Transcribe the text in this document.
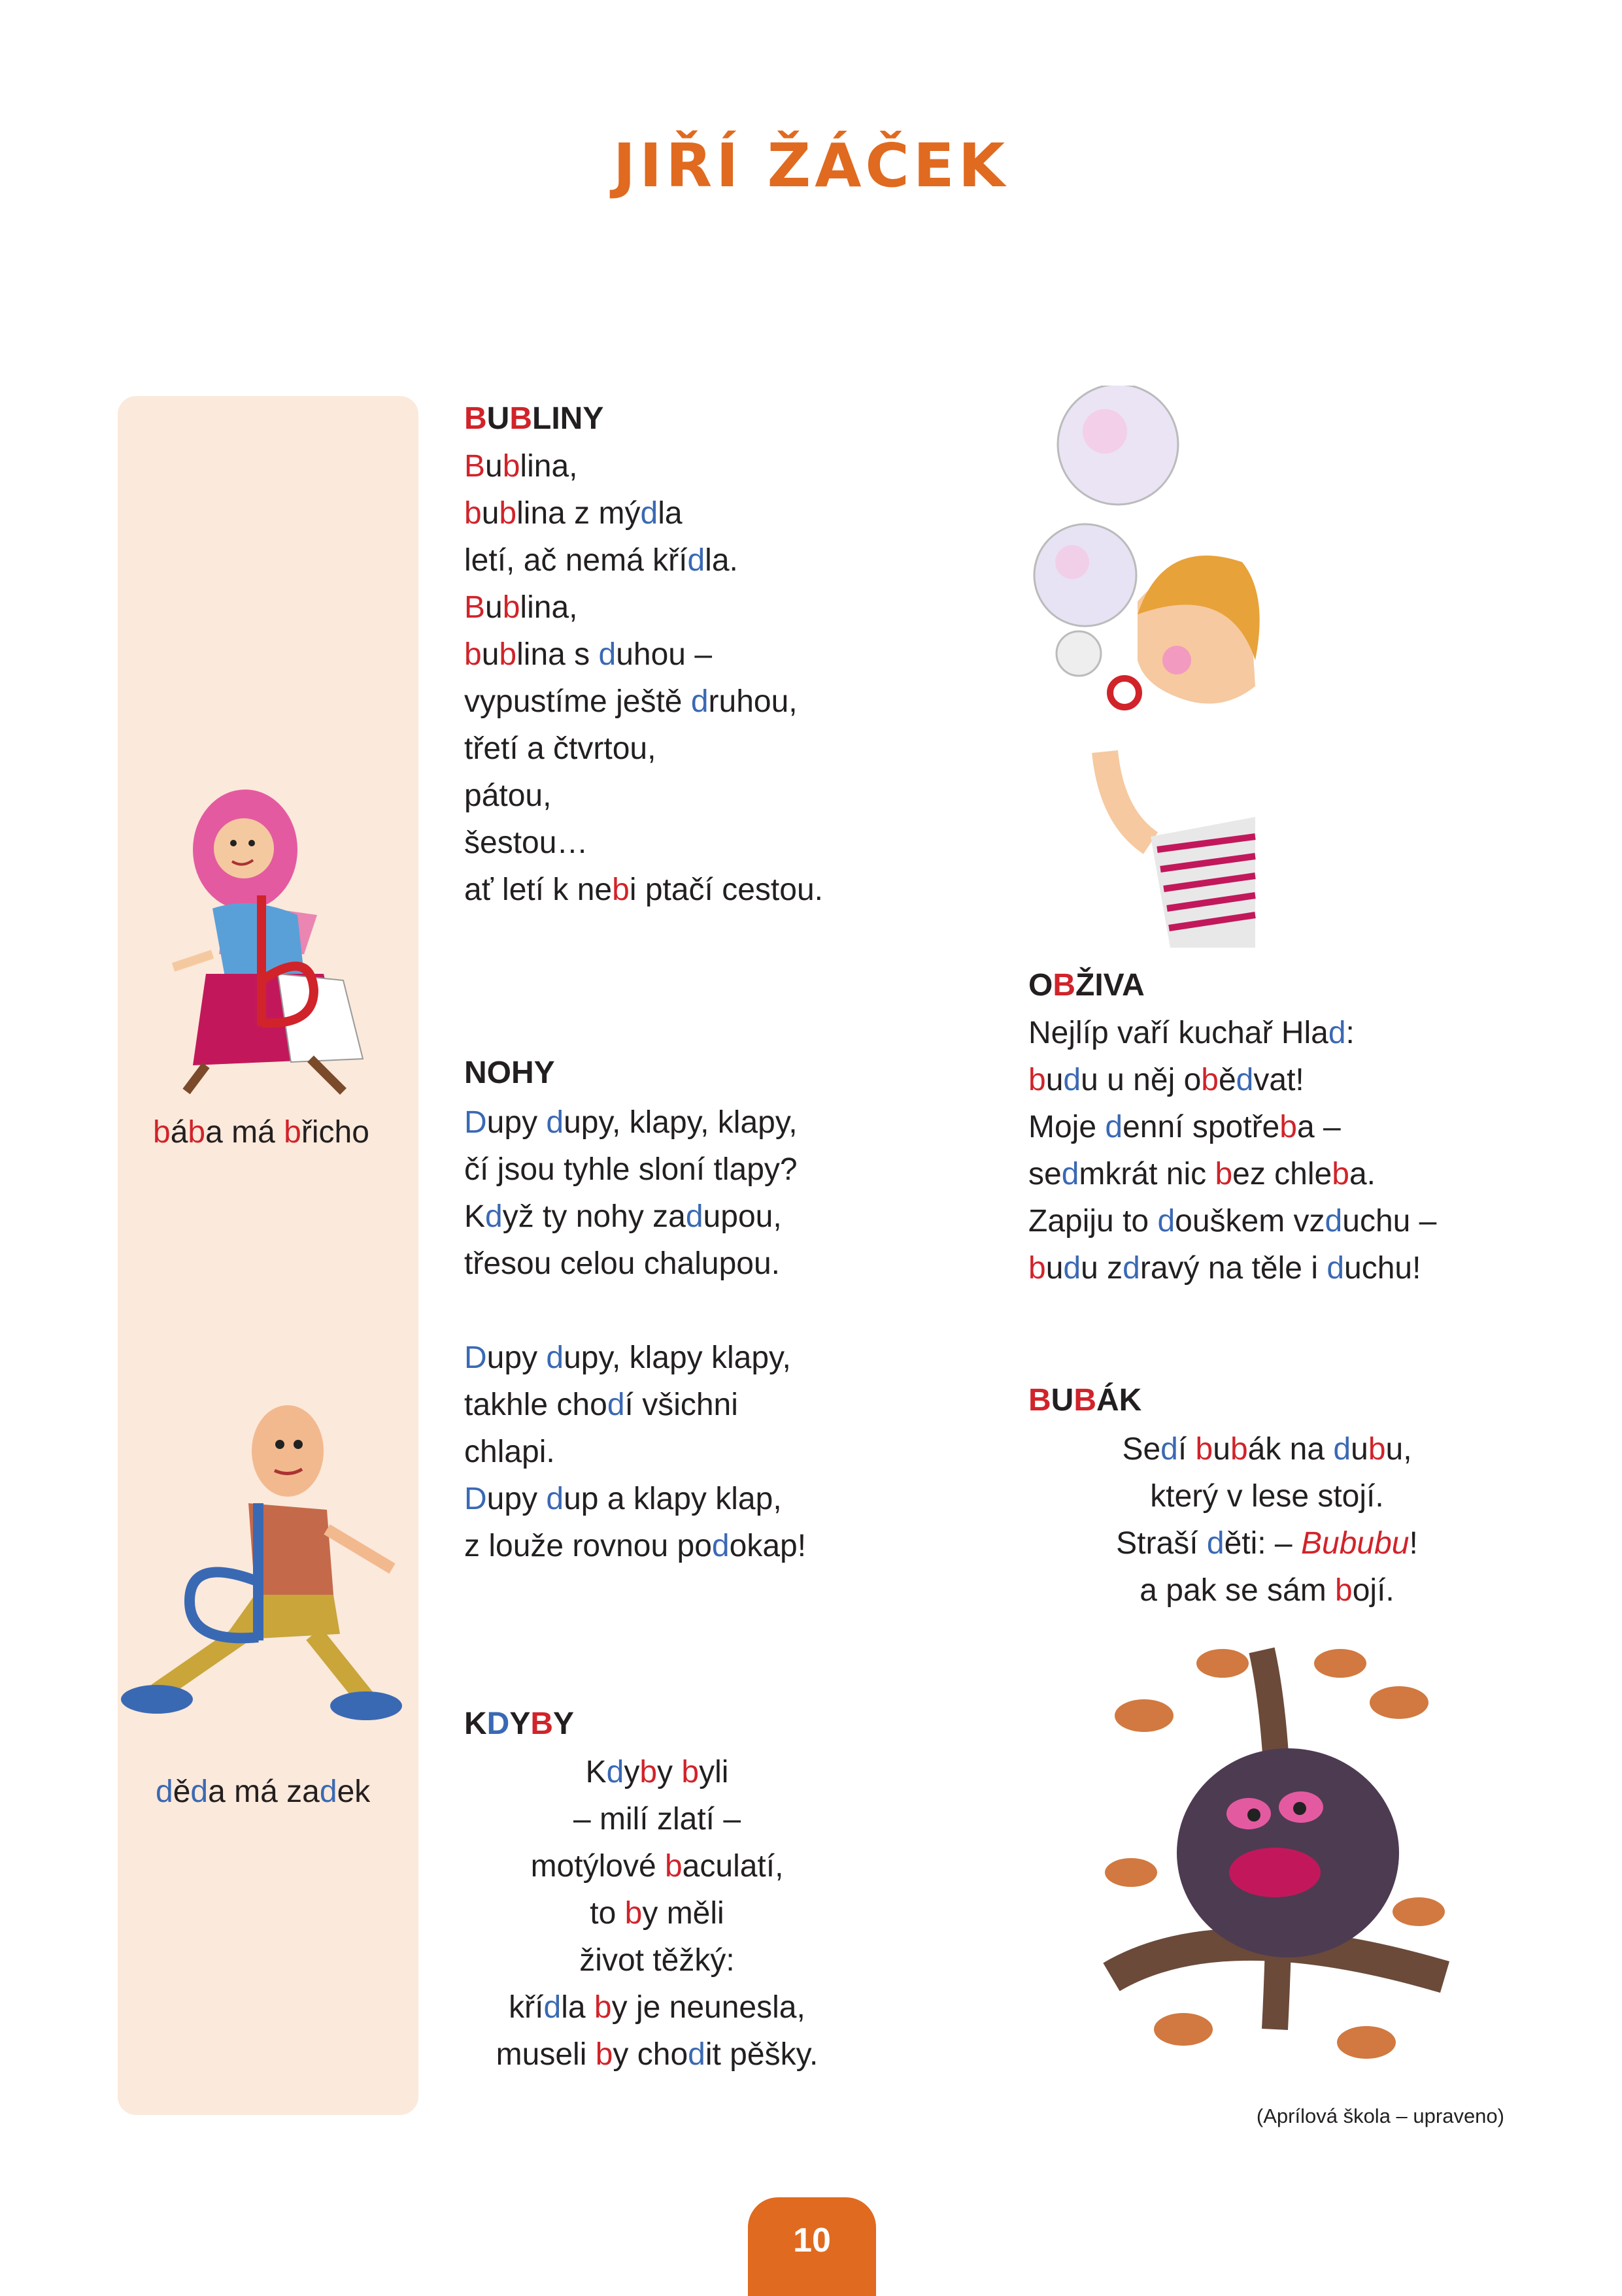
JIŘÍ ŽÁČEK
bába má břicho
děda má zadek
BUBLINY
Bublina,
bublina z mýdla
letí, ač nemá křídla.
Bublina,
bublina s duhou –
vypustíme ještě druhou,
třetí a čtvrtou,
pátou,
šestou…
ať letí k nebi ptačí cestou.
NOHY
Dupy dupy, klapy, klapy,
čí jsou tyhle sloní tlapy?
Když ty nohy zadupou,
třesou celou chalupou.

Dupy dupy, klapy klapy,
takhle chodí všichni
chlapi.
Dupy dup a klapy klap,
z louže rovnou podokap!
KDYBY
Kdyby byli
– milí zlatí –
motýlové baculatí,
to by měli
život těžký:
křídla by je neunesla,
museli by chodit pěšky.
OBŽIVA
Nejlíp vaří kuchař Hlad:
budu u něj obědvat!
Moje denní spotřeba –
sedmkrát nic bez chleba.
Zapiju to douškem vzduchu –
budu zdravý na těle i duchu!
BUBÁK
Sedí bubák na dubu,
který v lese stojí.
Straší děti: – Bububu!
a pak se sám bojí.
(Aprílová škola – upraveno)
10
